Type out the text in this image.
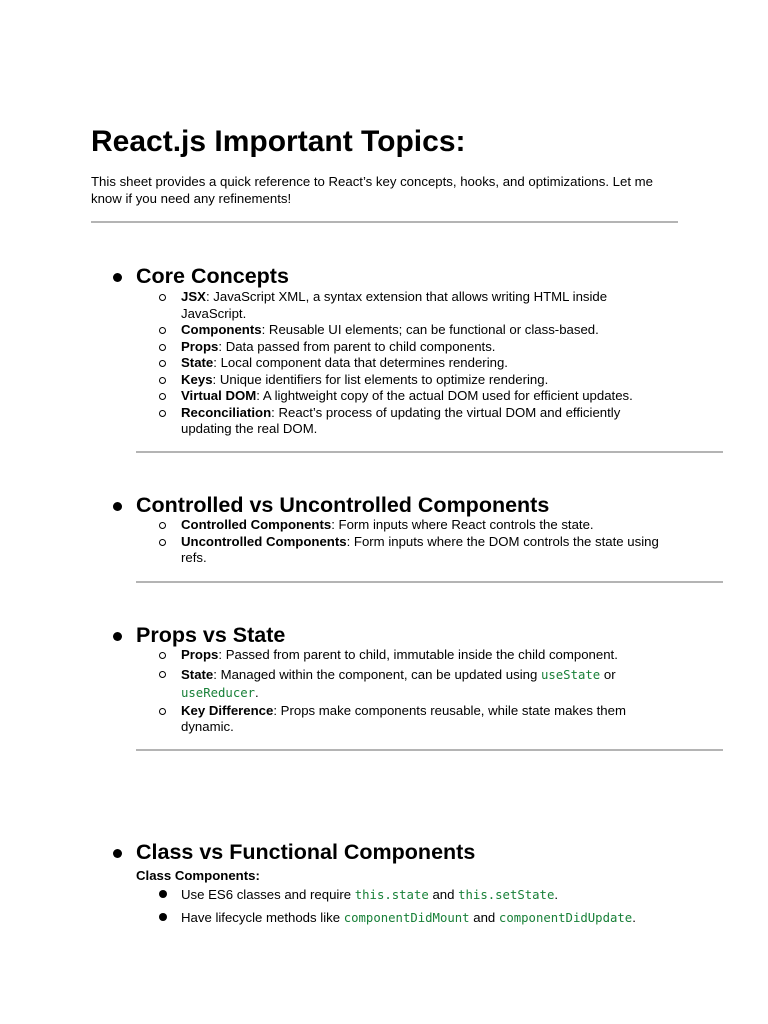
React.js Important Topics:

This sheet provides a quick reference to React’s key concepts, hooks, and optimizations. Let me know if you need any refinements!

Core Concepts
JSX: JavaScript XML, a syntax extension that allows writing HTML inside JavaScript.
Components: Reusable UI elements; can be functional or class-based.
Props: Data passed from parent to child components.
State: Local component data that determines rendering.
Keys: Unique identifiers for list elements to optimize rendering.
Virtual DOM: A lightweight copy of the actual DOM used for efficient updates.
Reconciliation: React’s process of updating the virtual DOM and efficiently updating the real DOM.
Controlled vs Uncontrolled Components
Controlled Components: Form inputs where React controls the state.
Uncontrolled Components: Form inputs where the DOM controls the state using refs.
Props vs State
Props: Passed from parent to child, immutable inside the child component.
State: Managed within the component, can be updated using useState or
useReducer.
Key Difference: Props make components reusable, while state makes them dynamic.
Class vs Functional Components

Class Components:

Use ES6 classes and require this.state and this.setState.
Have lifecycle methods like componentDidMount and componentDidUpdate.
